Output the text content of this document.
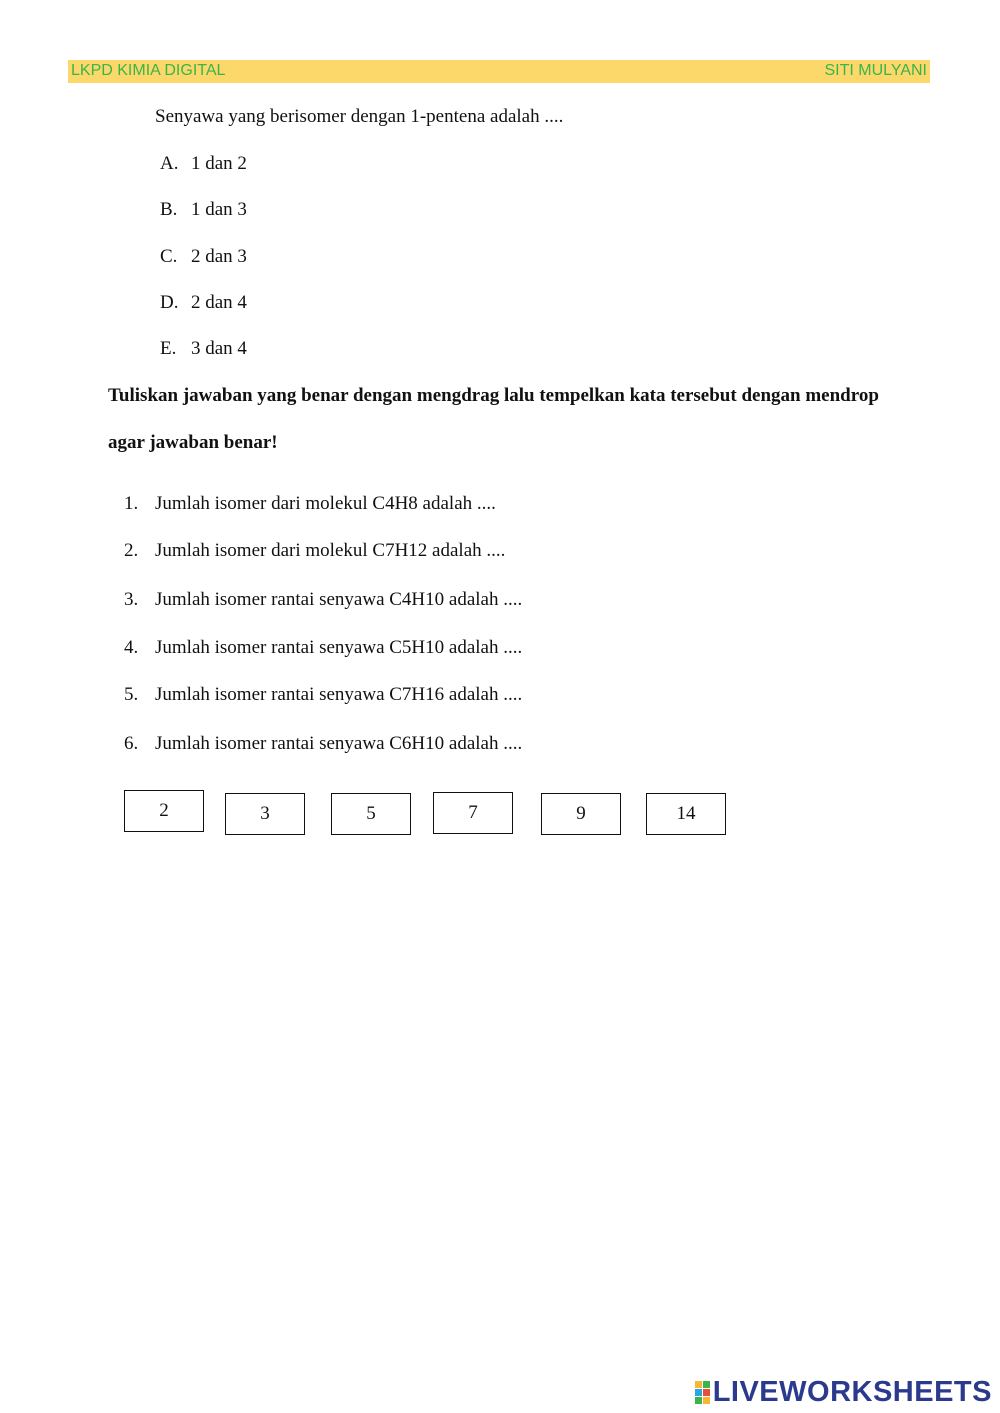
LKPD KIMIA DIGITAL	SITI MULYANI
Senyawa yang berisomer dengan 1-pentena adalah ....
A. 1 dan 2
B. 1 dan 3
C. 2 dan 3
D. 2 dan 4
E. 3 dan 4
Tuliskan jawaban yang benar dengan mengdrag lalu tempelkan kata tersebut dengan mendrop
agar jawaban benar!
1. Jumlah isomer dari molekul C4H8 adalah ....
2. Jumlah isomer dari molekul C7H12 adalah ....
3. Jumlah isomer rantai senyawa C4H10 adalah ....
4. Jumlah isomer rantai senyawa C5H10 adalah ....
5. Jumlah isomer rantai senyawa C7H16 adalah ....
6. Jumlah isomer rantai senyawa C6H10 adalah ....
2	3	5	7	9	14
LIVEWORKSHEETS
